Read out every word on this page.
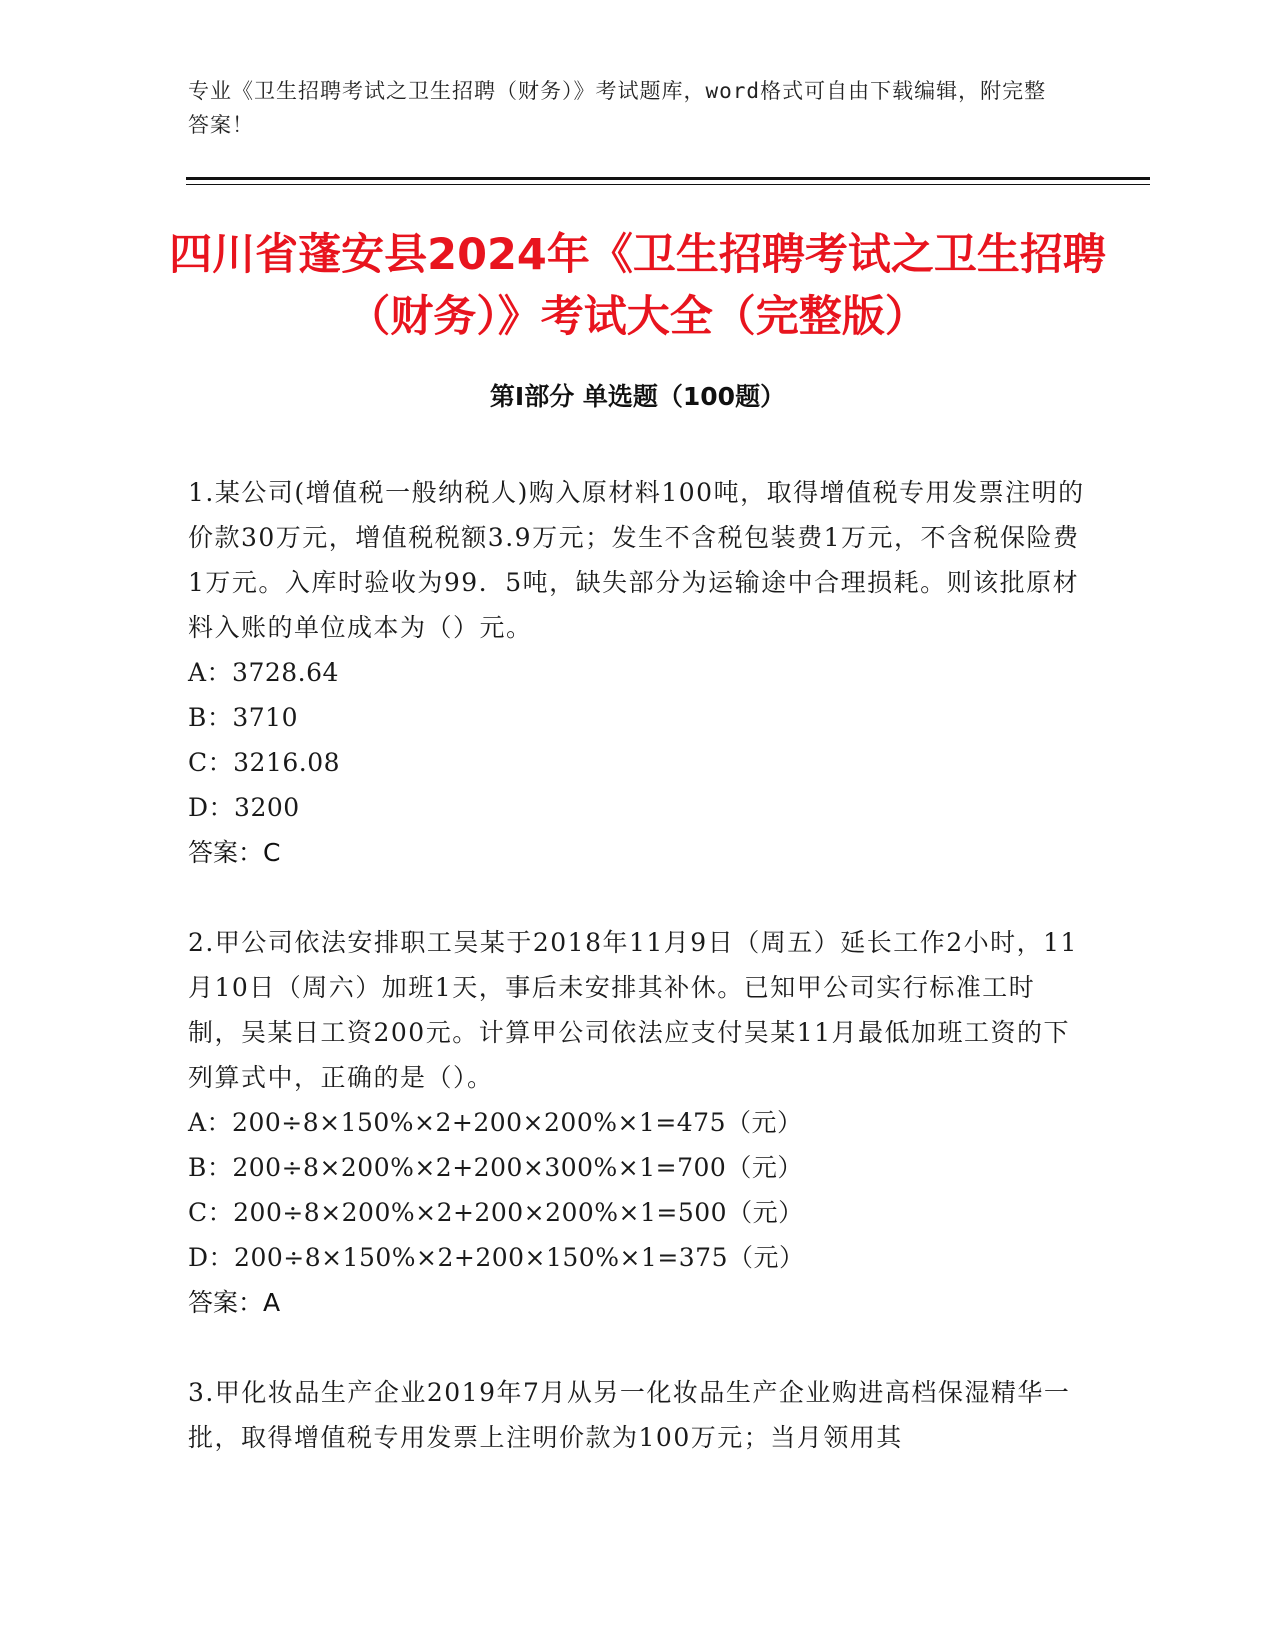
专业《卫生招聘考试之卫生招聘（财务）》考试题库，word格式可自由下载编辑，附完整答案！
四川省蓬安县2024年《卫生招聘考试之卫生招聘（财务）》考试大全（完整版）
第Ⅰ部分 单选题（100题）
1.某公司(增值税一般纳税人)购入原材料100吨，取得增值税专用发票注明的价款30万元，增值税税额3.9万元；发生不含税包装费1万元，不含税保险费1万元。入库时验收为99．5吨，缺失部分为运输途中合理损耗。则该批原材料入账的单位成本为（）元。
A：3728.64
B：3710
C：3216.08
D：3200
答案：C
2.甲公司依法安排职工吴某于2018年11月9日（周五）延长工作2小时，11月10日（周六）加班1天，事后未安排其补休。已知甲公司实行标准工时制，吴某日工资200元。计算甲公司依法应支付吴某11月最低加班工资的下列算式中，正确的是（）。
A：200÷8×150%×2+200×200%×1=475（元）
B：200÷8×200%×2+200×300%×1=700（元）
C：200÷8×200%×2+200×200%×1=500（元）
D：200÷8×150%×2+200×150%×1=375（元）
答案：A
3.甲化妆品生产企业2019年7月从另一化妆品生产企业购进高档保湿精华一批，取得增值税专用发票上注明价款为100万元；当月领用其
